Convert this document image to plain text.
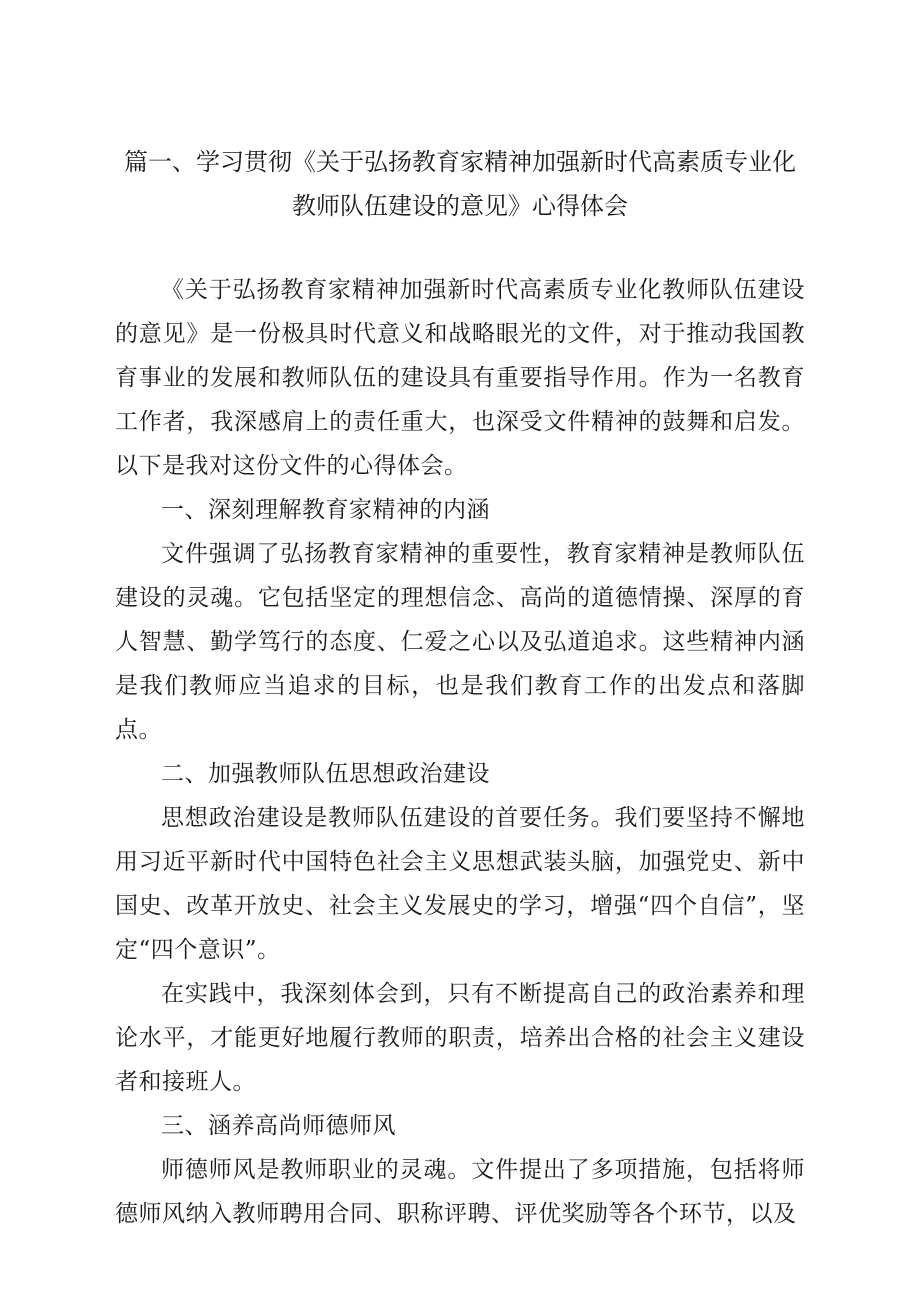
篇一、学习贯彻《关于弘扬教育家精神加强新时代高素质专业化
教师队伍建设的意见》心得体会

《关于弘扬教育家精神加强新时代高素质专业化教师队伍建设的意见》是一份极具时代意义和战略眼光的文件，对于推动我国教育事业的发展和教师队伍的建设具有重要指导作用。作为一名教育工作者，我深感肩上的责任重大，也深受文件精神的鼓舞和启发。以下是我对这份文件的心得体会。

一、深刻理解教育家精神的内涵

文件强调了弘扬教育家精神的重要性，教育家精神是教师队伍建设的灵魂。它包括坚定的理想信念、高尚的道德情操、深厚的育人智慧、勤学笃行的态度、仁爱之心以及弘道追求。这些精神内涵是我们教师应当追求的目标，也是我们教育工作的出发点和落脚点。

二、加强教师队伍思想政治建设

思想政治建设是教师队伍建设的首要任务。我们要坚持不懈地用习近平新时代中国特色社会主义思想武装头脑，加强党史、新中国史、改革开放史、社会主义发展史的学习，增强“四个自信”，坚定“四个意识”。

在实践中，我深刻体会到，只有不断提高自己的政治素养和理论水平，才能更好地履行教师的职责，培养出合格的社会主义建设者和接班人。

三、涵养高尚师德师风

师德师风是教师职业的灵魂。文件提出了多项措施，包括将师德师风纳入教师聘用合同、职称评聘、评优奖励等各个环节，以及
